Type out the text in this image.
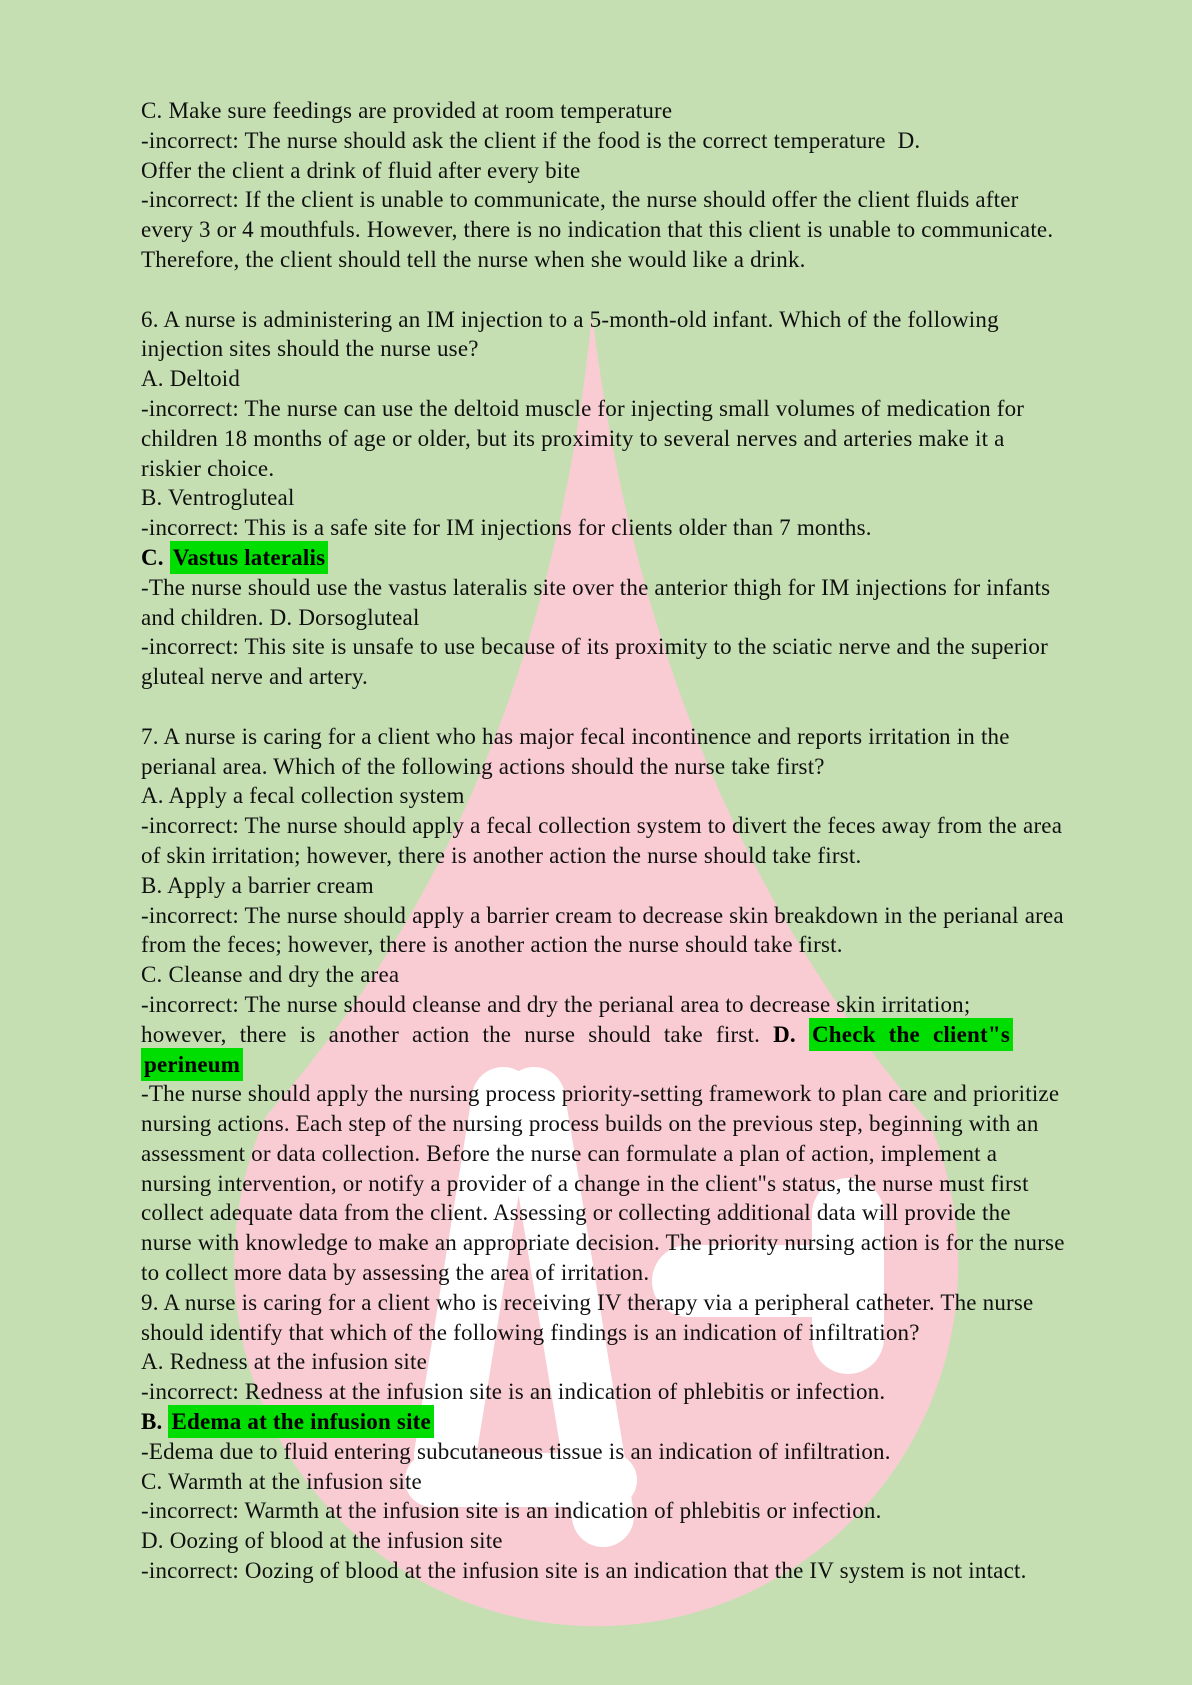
C. Make sure feedings are provided at room temperature
-incorrect: The nurse should ask the client if the food is the correct temperature  D.
Offer the client a drink of fluid after every bite
-incorrect: If the client is unable to communicate, the nurse should offer the client fluids after
every 3 or 4 mouthfuls. However, there is no indication that this client is unable to communicate.
Therefore, the client should tell the nurse when she would like a drink.
6. A nurse is administering an IM injection to a 5-month-old infant. Which of the following
injection sites should the nurse use?
A. Deltoid
-incorrect: The nurse can use the deltoid muscle for injecting small volumes of medication for
children 18 months of age or older, but its proximity to several nerves and arteries make it a
riskier choice.
B. Ventrogluteal
-incorrect: This is a safe site for IM injections for clients older than 7 months.
C. Vastus lateralis
-The nurse should use the vastus lateralis site over the anterior thigh for IM injections for infants
and children. D. Dorsogluteal
-incorrect: This site is unsafe to use because of its proximity to the sciatic nerve and the superior
gluteal nerve and artery.
7. A nurse is caring for a client who has major fecal incontinence and reports irritation in the
perianal area. Which of the following actions should the nurse take first?
A. Apply a fecal collection system
-incorrect: The nurse should apply a fecal collection system to divert the feces away from the area
of skin irritation; however, there is another action the nurse should take first.
B. Apply a barrier cream
-incorrect: The nurse should apply a barrier cream to decrease skin breakdown in the perianal area
from the feces; however, there is another action the nurse should take first.
C. Cleanse and dry the area
-incorrect: The nurse should cleanse and dry the perianal area to decrease skin irritation;
however, there is another action the nurse should take first. D. Check the client"s
perineum
-The nurse should apply the nursing process priority-setting framework to plan care and prioritize
nursing actions. Each step of the nursing process builds on the previous step, beginning with an
assessment or data collection. Before the nurse can formulate a plan of action, implement a
nursing intervention, or notify a provider of a change in the client"s status, the nurse must first
collect adequate data from the client. Assessing or collecting additional data will provide the
nurse with knowledge to make an appropriate decision. The priority nursing action is for the nurse
to collect more data by assessing the area of irritation.
9. A nurse is caring for a client who is receiving IV therapy via a peripheral catheter. The nurse
should identify that which of the following findings is an indication of infiltration?
A. Redness at the infusion site
-incorrect: Redness at the infusion site is an indication of phlebitis or infection.
B. Edema at the infusion site
-Edema due to fluid entering subcutaneous tissue is an indication of infiltration.
C. Warmth at the infusion site
-incorrect: Warmth at the infusion site is an indication of phlebitis or infection.
D. Oozing of blood at the infusion site
-incorrect: Oozing of blood at the infusion site is an indication that the IV system is not intact.
